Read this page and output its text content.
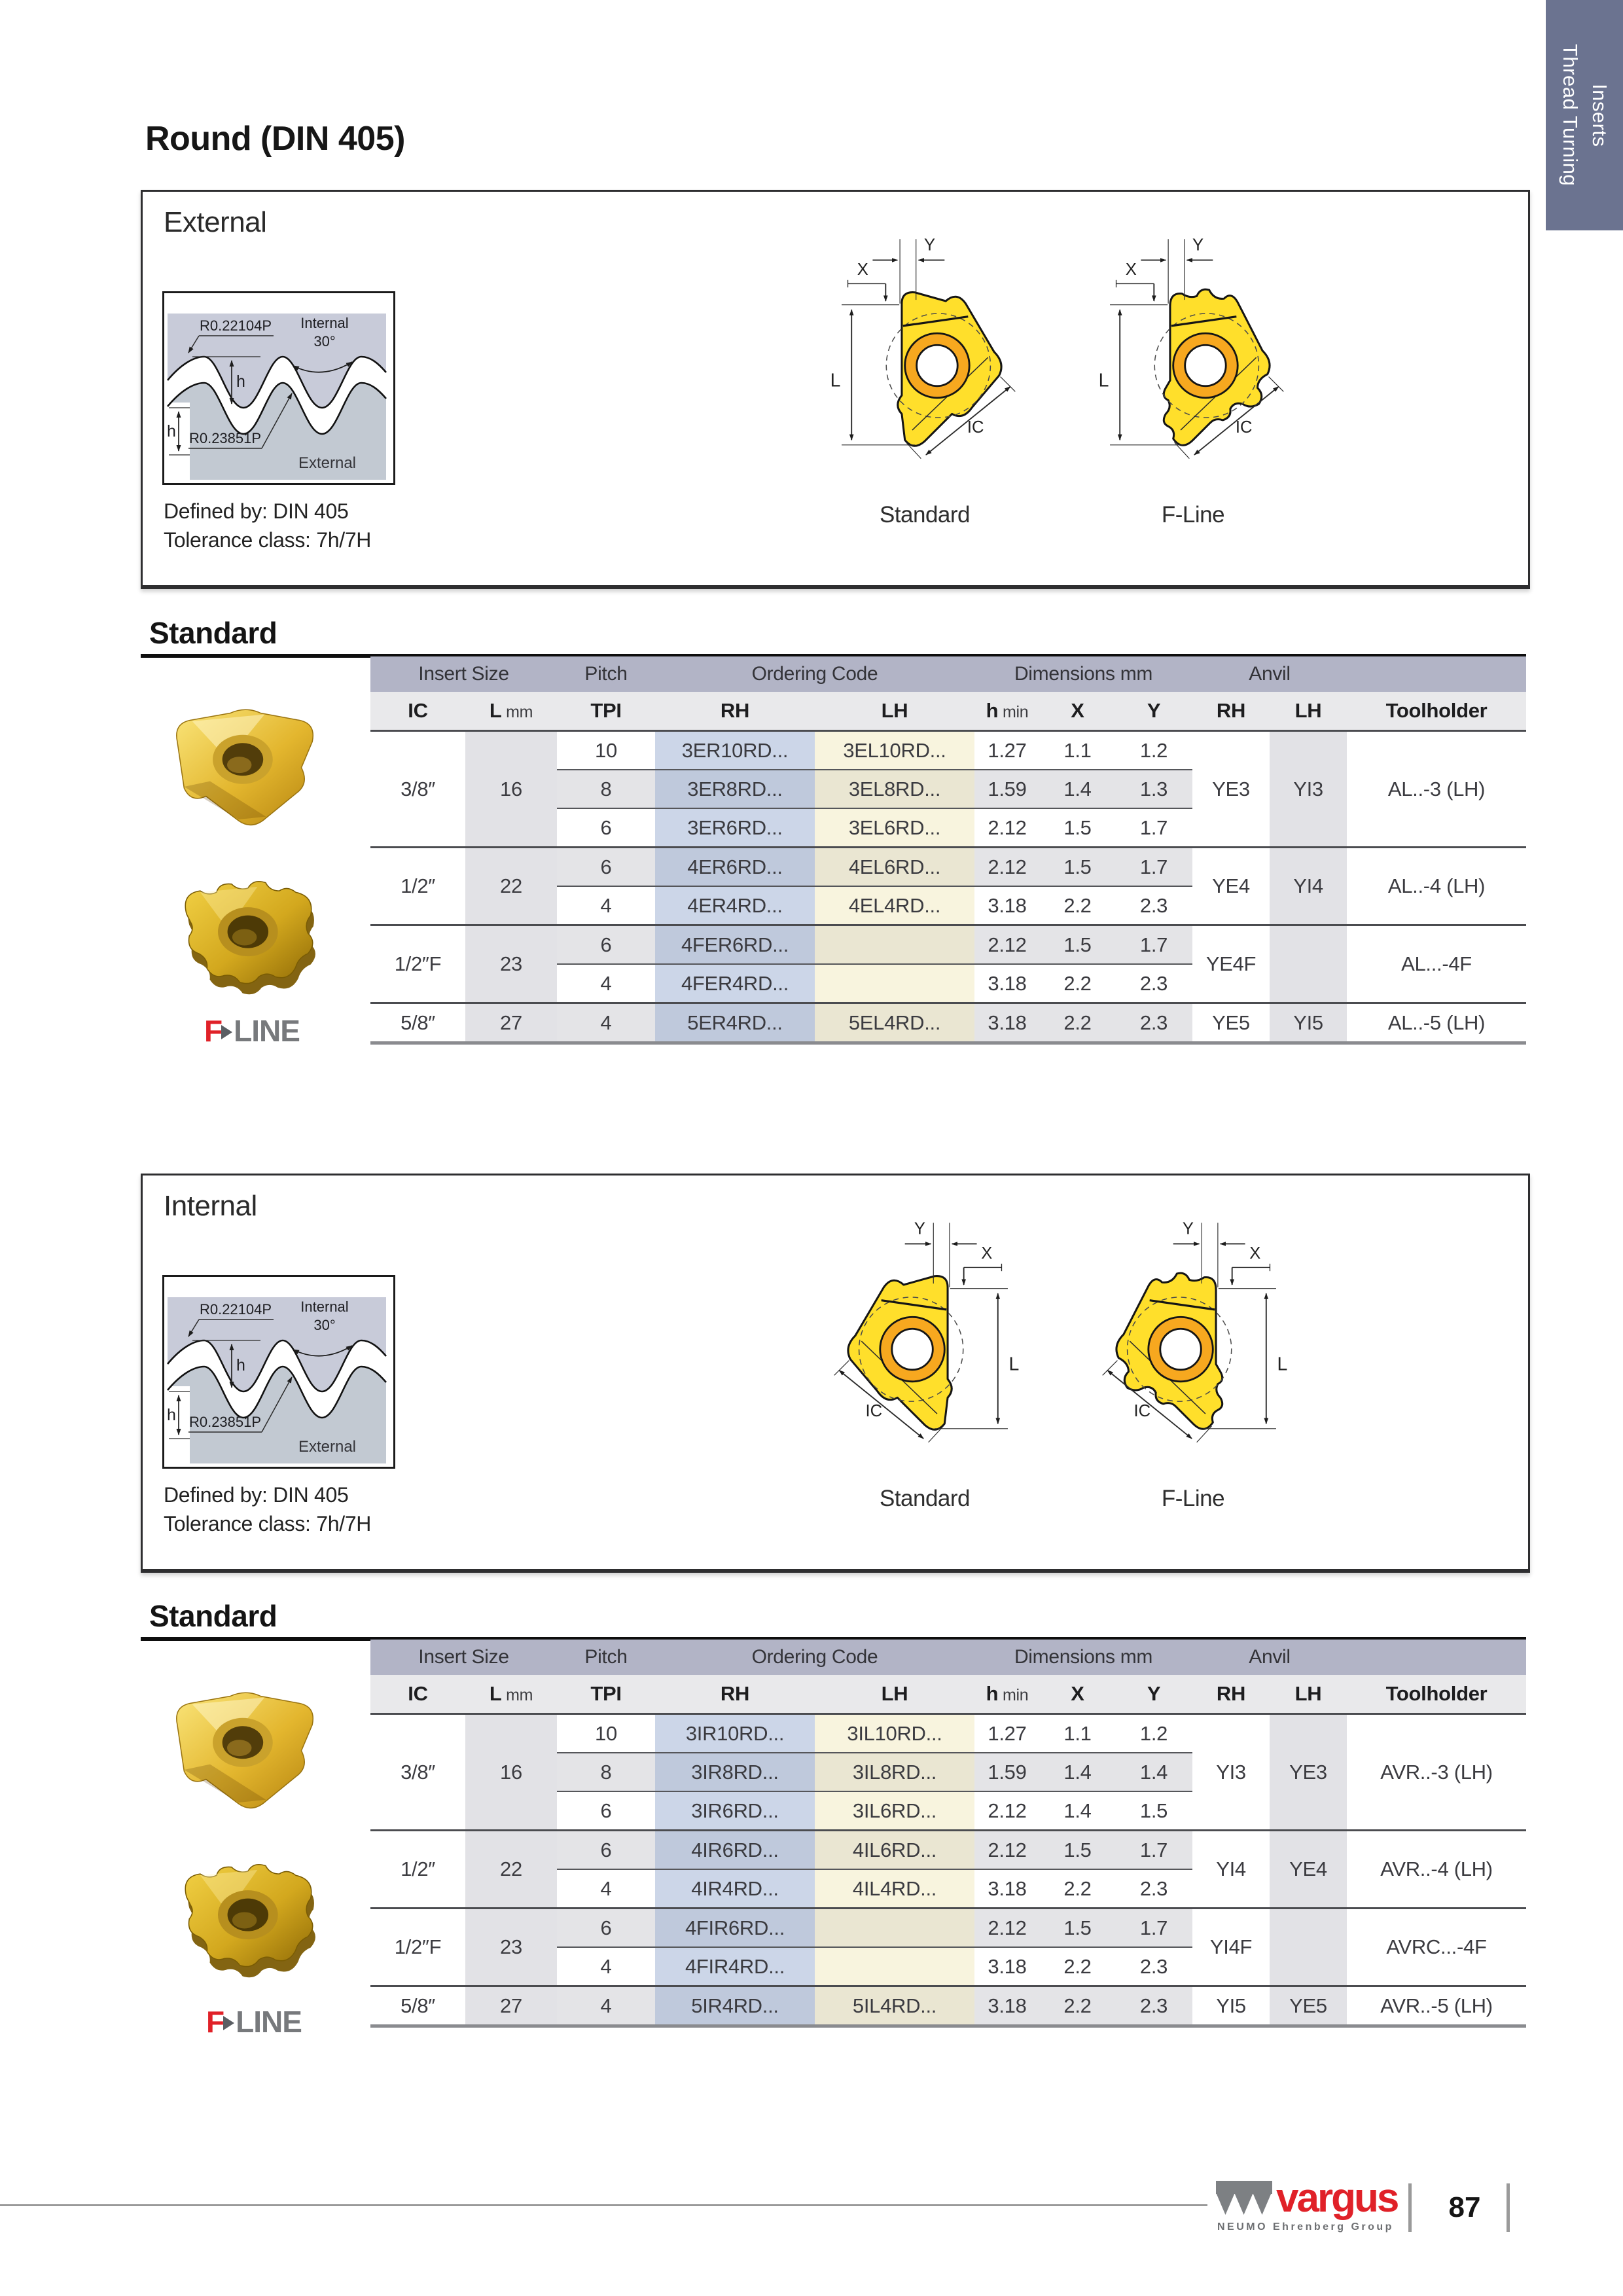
Thread Turning Inserts
Round (DIN 405)
External
R0.22104P Internal
30°
h
h R0.23851P
External
Defined by: DIN 405
Tolerance class: 7h/7H
Y
X
L
IC
Y
X
L
IC
Standard	F-Line
Standard
F LINE
Insert Size		Pitch	Ordering Code		Dimensions mm			Anvil		
IC	L mm	TPI	RH	LH	h min	X	Y	RH	LH	Toolholder
3/8″	16	10	3ER10RD...	3EL10RD...	1.27	1.1	1.2	YE3	YI3	AL..-3 (LH)
		8	3ER8RD...	3EL8RD...	1.59	1.4	1.3			
		6	3ER6RD...	3EL6RD...	2.12	1.5	1.7			
1/2″	22	6	4ER6RD...	4EL6RD...	2.12	1.5	1.7	YE4	YI4	AL..-4 (LH)
		4	4ER4RD...	4EL4RD...	3.18	2.2	2.3			
1/2″F	23	6	4FER6RD...		2.12	1.5	1.7	YE4F		AL...-4F
		4	4FER4RD...		3.18	2.2	2.3			
5/8″	27	4	5ER4RD...	5EL4RD...	3.18	2.2	2.3	YE5	YI5	AL..-5 (LH)
Internal
R0.22104P Internal
30°
h
h R0.23851P
External
Defined by: DIN 405
Tolerance class: 7h/7H
Y
X
L
IC
Y
X
L
IC
Standard	F-Line
Standard
F LINE
Insert Size		Pitch	Ordering Code		Dimensions mm			Anvil		
IC	L mm	TPI	RH	LH	h min	X	Y	RH	LH	Toolholder
3/8″	16	10	3IR10RD...	3IL10RD...	1.27	1.1	1.2	YI3	YE3	AVR..-3 (LH)
		8	3IR8RD...	3IL8RD...	1.59	1.4	1.4			
		6	3IR6RD...	3IL6RD...	2.12	1.4	1.5			
1/2″	22	6	4IR6RD...	4IL6RD...	2.12	1.5	1.7	YI4	YE4	AVR..-4 (LH)
		4	4IR4RD...	4IL4RD...	3.18	2.2	2.3			
1/2″F	23	6	4FIR6RD...		2.12	1.5	1.7	YI4F		AVRC...-4F
		4	4FIR4RD...		3.18	2.2	2.3			
5/8″	27	4	5IR4RD...	5IL4RD...	3.18	2.2	2.3	YI5	YE5	AVR..-5 (LH)
vargus
NEUMO Ehrenberg Group
87
